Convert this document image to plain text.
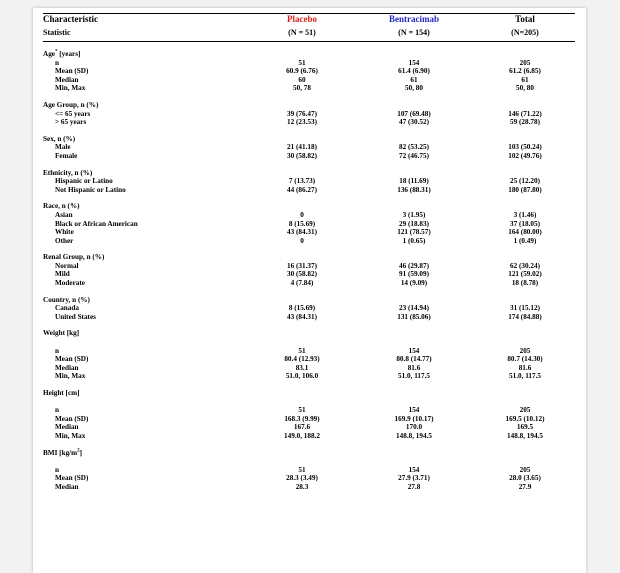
Characteristic	Placebo	Bentracimab	Total
Statistic	(N = 51)	(N = 154)	(N=205)

Age* [years]			
n	51	154	205
Mean (SD)	60.9 (6.76)	61.4 (6.90)	61.2 (6.85)
Median	60	61	61
Min, Max	50, 78	50, 80	50, 80

Age Group, n (%)			
<= 65 years	39 (76.47)	107 (69.48)	146 (71.22)
> 65 years	12 (23.53)	47 (30.52)	59 (28.78)

Sex, n (%)			
Male	21 (41.18)	82 (53.25)	103 (50.24)
Female	30 (58.82)	72 (46.75)	102 (49.76)

Ethnicity, n (%)			
Hispanic or Latino	7 (13.73)	18 (11.69)	25 (12.20)
Not Hispanic or Latino	44 (86.27)	136 (88.31)	180 (87.80)

Race, n (%)			
Asian	0	3 (1.95)	3 (1.46)
Black or African American	8 (15.69)	29 (18.83)	37 (18.05)
White	43 (84.31)	121 (78.57)	164 (80.00)
Other	0	1 (0.65)	1 (0.49)

Renal Group, n (%)			
Normal	16 (31.37)	46 (29.87)	62 (30.24)
Mild	30 (58.82)	91 (59.09)	121 (59.02)
Moderate	4 (7.84)	14 (9.09)	18 (8.78)

Country, n (%)			
Canada	8 (15.69)	23 (14.94)	31 (15.12)
United States	43 (84.31)	131 (85.06)	174 (84.88)

Weight [kg]			

n	51	154	205
Mean (SD)	80.4 (12.93)	80.8 (14.77)	80.7 (14.30)
Median	83.1	81.6	81.6
Min, Max	51.0, 106.0	51.0, 117.5	51.0, 117.5

Height [cm]			

n	51	154	205
Mean (SD)	168.3 (9.99)	169.9 (10.17)	169.5 (10.12)
Median	167.6	170.0	169.5
Min, Max	149.0, 188.2	148.8, 194.5	148.8, 194.5

BMI $[kg/m^2]$			

n	51	154	205
Mean (SD)	28.3 (3.49)	27.9 (3.71)	28.0 (3.65)
Median	28.3	27.8	27.9
